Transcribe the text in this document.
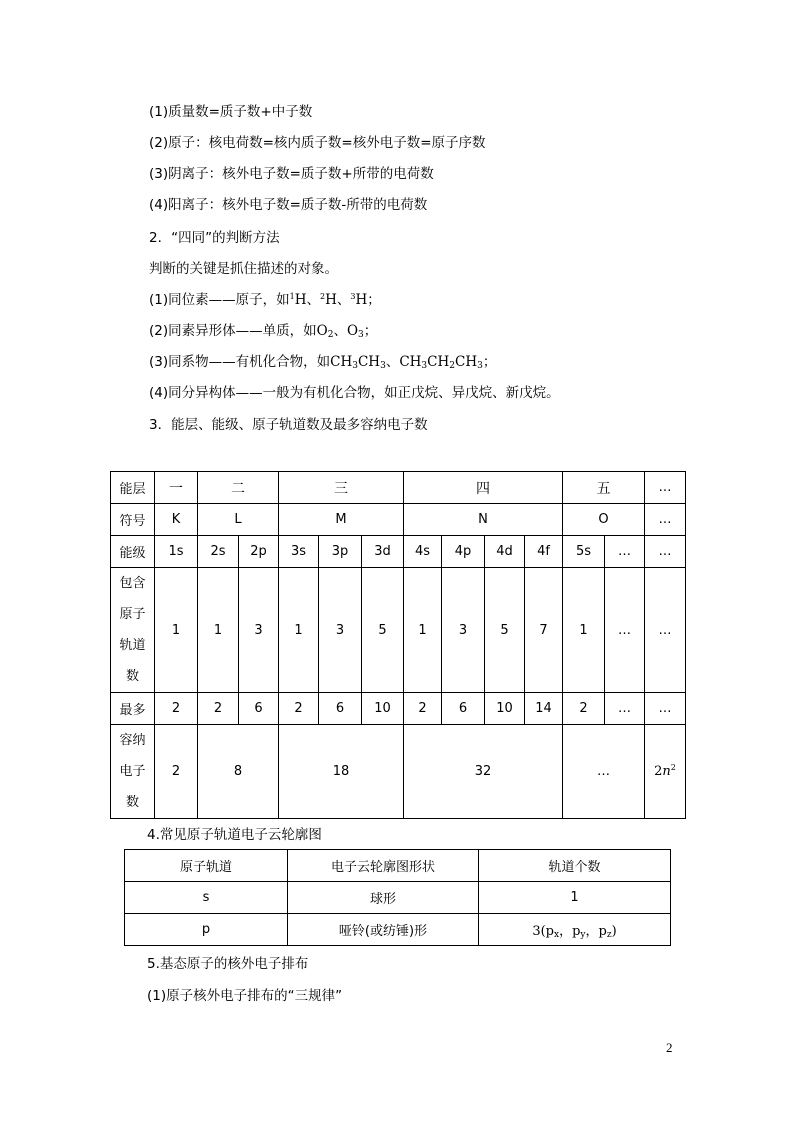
(1)质量数=质子数+中子数
(2)原子：核电荷数=核内质子数=核外电子数=原子序数
(3)阴离子：核外电子数=质子数+所带的电荷数
(4)阳离子：核外电子数=质子数-所带的电荷数
2．“四同”的判断方法
判断的关键是抓住描述的对象。
(1)同位素——原子，如$^1$H、$^2$H、$^3$H；
(2)同素异形体——单质，如$O_2$、$O_3$；
(3)同系物——有机化合物，如$CH_3CH_3$、$CH_3CH_2CH_3$；
(4)同分异构体——一般为有机化合物，如正戊烷、异戊烷、新戊烷。
3．能层、能级、原子轨道数及最多容纳电子数
能层	一	二		三			四				五		…
符号	K	L		M			N				O		…
能级	1s	2s	2p	3s	3p	3d	4s	4p	4d	4f	5s	…	…

包含
原子
轨道
数	1	1	3	1	3	5	1	3	5	7	1	…	…
最多	2	2	6	2	6	10	2	6	10	14	2	…	…

容纳
电子
数	2	8		18			32				…		$2n^2$
4.常见原子轨道电子云轮廓图
原子轨道	电子云轮廓图形状	轨道个数
s	球形	1
p	哑铃(或纺锤)形	$3(p_x$，$p_y$，$p_z$)
5.基态原子的核外电子排布
(1)原子核外电子排布的“三规律”
2
